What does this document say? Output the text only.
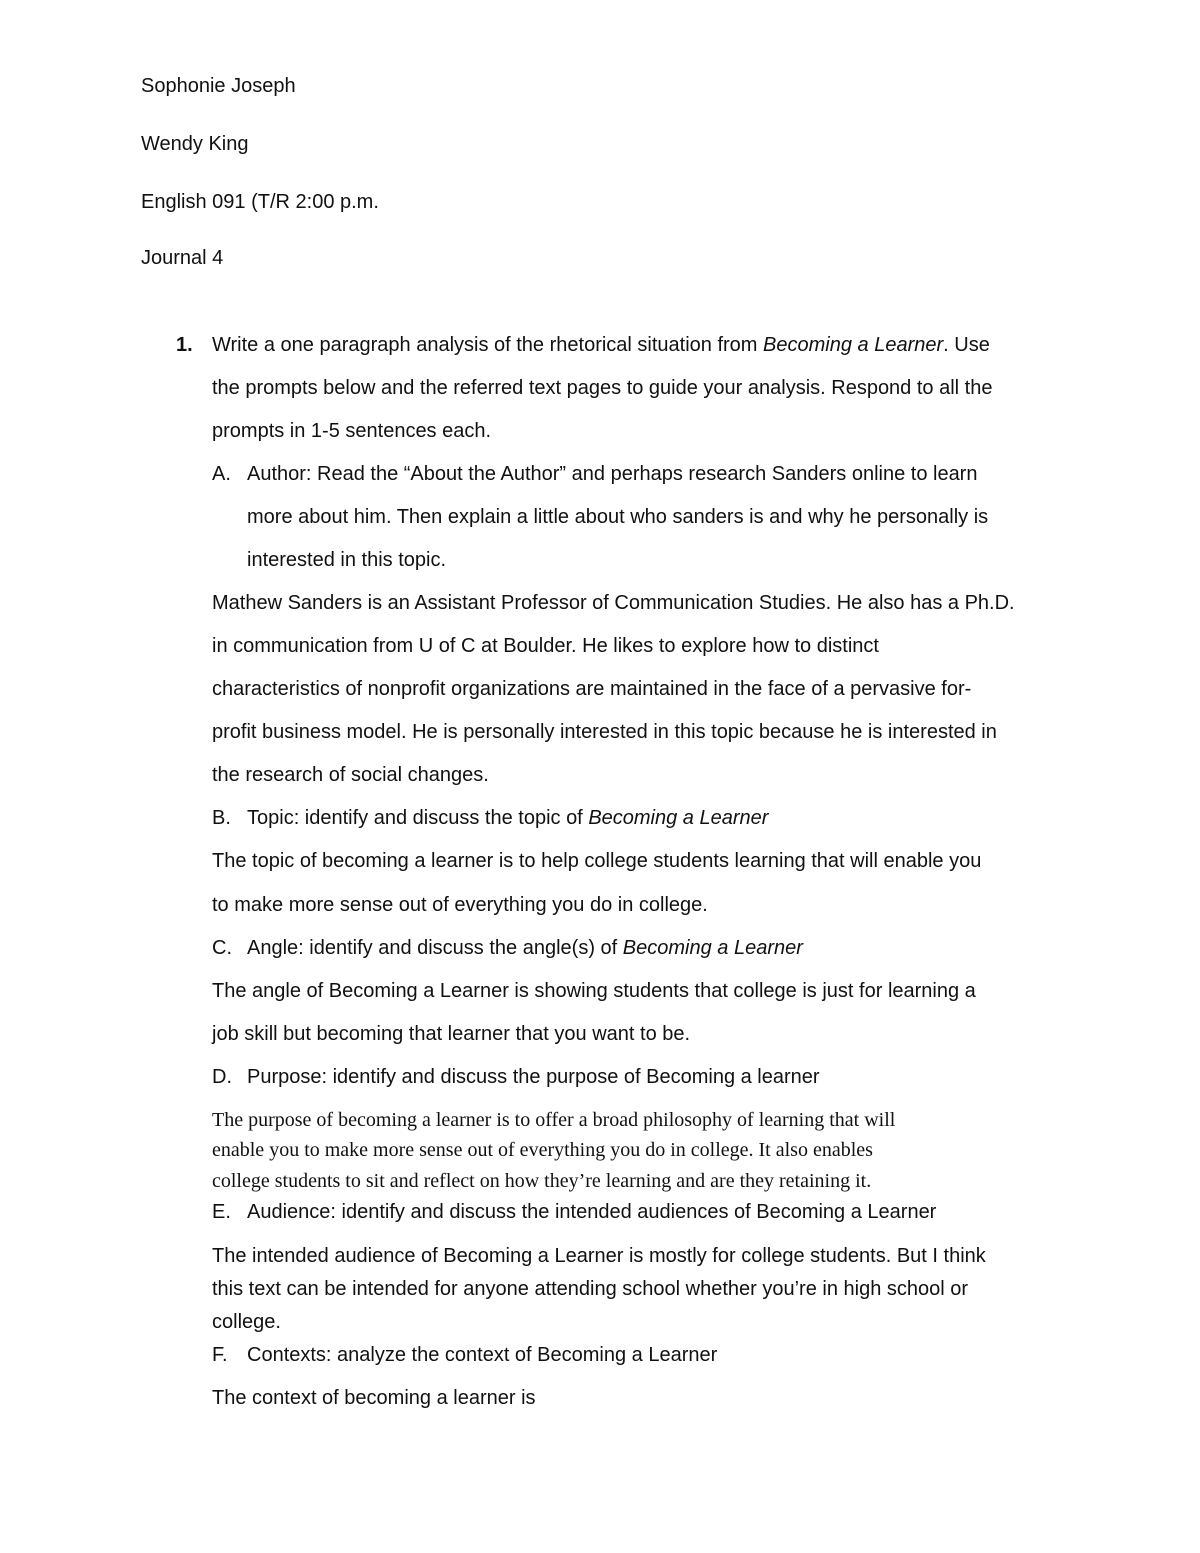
Sophonie Joseph
Wendy King
English 091 (T/R 2:00 p.m.
Journal 4
1. Write a one paragraph analysis of the rhetorical situation from Becoming a Learner. Use
the prompts below and the referred text pages to guide your analysis. Respond to all the
prompts in 1-5 sentences each.
A. Author: Read the “About the Author” and perhaps research Sanders online to learn
more about him. Then explain a little about who sanders is and why he personally is
interested in this topic.
Mathew Sanders is an Assistant Professor of Communication Studies. He also has a Ph.D.
in communication from U of C at Boulder. He likes to explore how to distinct
characteristics of nonprofit organizations are maintained in the face of a pervasive for-
profit business model. He is personally interested in this topic because he is interested in
the research of social changes.
B. Topic: identify and discuss the topic of Becoming a Learner
The topic of becoming a learner is to help college students learning that will enable you
to make more sense out of everything you do in college.
C. Angle: identify and discuss the angle(s) of Becoming a Learner
The angle of Becoming a Learner is showing students that college is just for learning a
job skill but becoming that learner that you want to be.
D. Purpose: identify and discuss the purpose of Becoming a learner
The purpose of becoming a learner is to offer a broad philosophy of learning that will
enable you to make more sense out of everything you do in college. It also enables
college students to sit and reflect on how they’re learning and are they retaining it.
E. Audience: identify and discuss the intended audiences of Becoming a Learner
The intended audience of Becoming a Learner is mostly for college students. But I think
this text can be intended for anyone attending school whether you’re in high school or
college.
F. Contexts: analyze the context of Becoming a Learner
The context of becoming a learner is
